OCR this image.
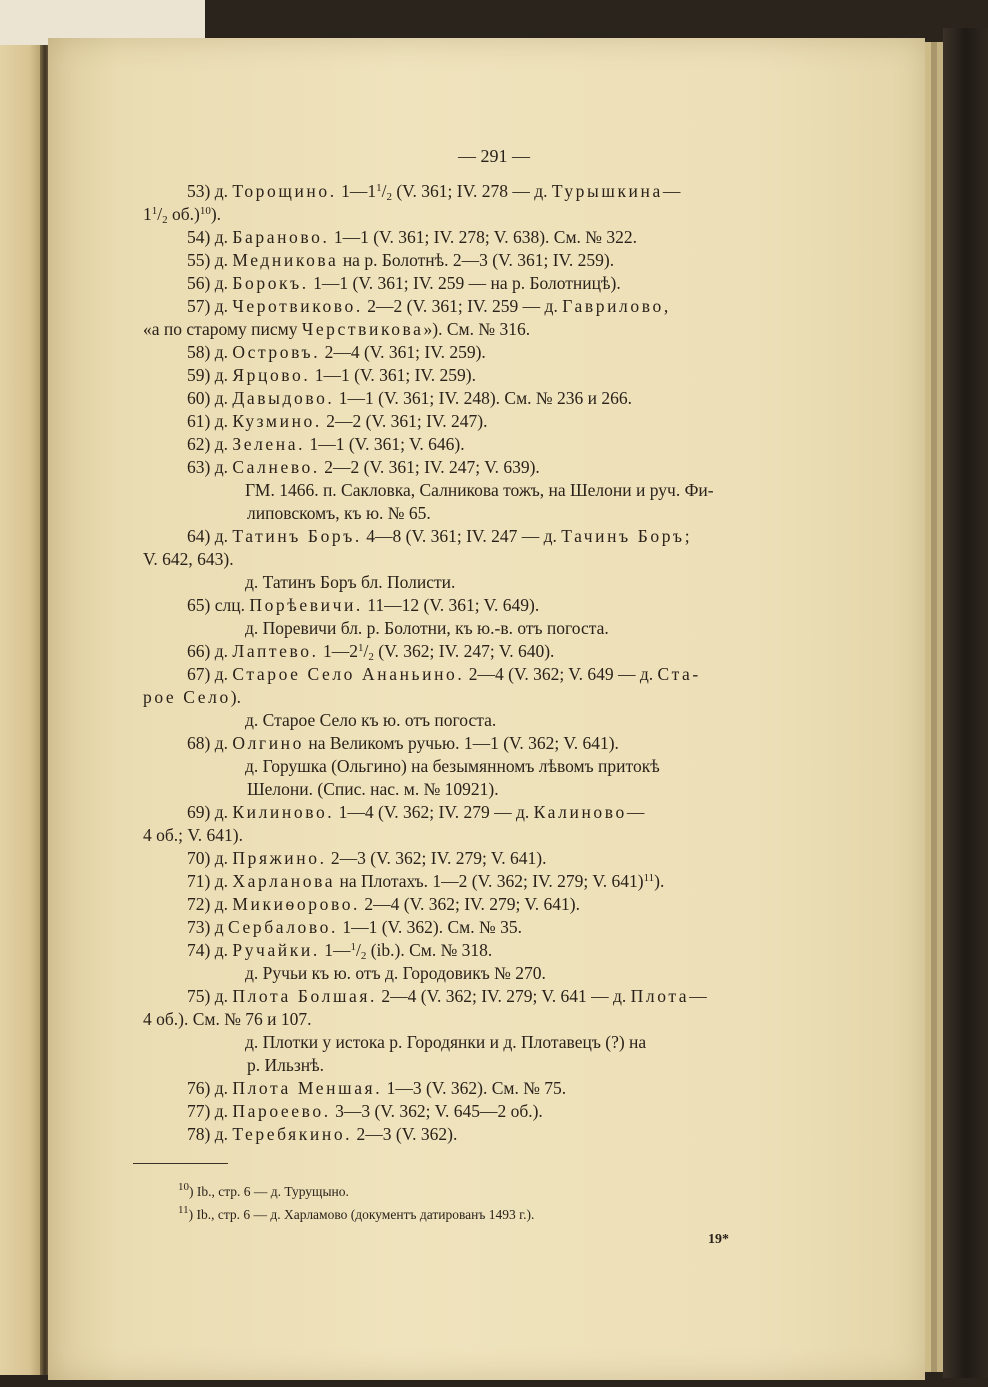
— 291 —
53) д. Торощино. $1—1^1/_2$ (V. 361; IV. 278 — д. Турышкина—
$1^1/_2$ об.)$^{10}$).
54) д. Бараново. 1—1 (V. 361; IV. 278; V. 638). См. № 322.
55) д. Медникова на р. Болотнѣ. 2—3 (V. 361; IV. 259).
56) д. Борокъ. 1—1 (V. 361; IV. 259 — на р. Болотницѣ).
57) д. Черотвиково. 2—2 (V. 361; IV. 259 — д. Гаврилово,
«а по старому писму Черствикова»). См. № 316.
58) д. Островъ. 2—4 (V. 361; IV. 259).
59) д. Ярцово. 1—1 (V. 361; IV. 259).
60) д. Давыдово. 1—1 (V. 361; IV. 248). См. № 236 и 266.
61) д. Кузмино. 2—2 (V. 361; IV. 247).
62) д. Зелена. 1—1 (V. 361; V. 646).
63) д. Салнево. 2—2 (V. 361; IV. 247; V. 639).
ГМ. 1466. п. Сакловка, Салникова тожъ, на Шелони и руч. Фи-
липовскомъ, къ ю. № 65.
64) д. Татинъ Боръ. 4—8 (V. 361; IV. 247 — д. Тачинъ Боръ;
V. 642, 643).
д. Татинъ Боръ бл. Полисти.
65) слц. Порѣевичи. 11—12 (V. 361; V. 649).
д. Поревичи бл. р. Болотни, къ ю.-в. отъ погоста.
66) д. Лаптево. $1—2^1/_2$ (V. 362; IV. 247; V. 640).
67) д. Старое Село Ананьино. 2—4 (V. 362; V. 649 — д. Ста-
рое Село).
д. Старое Село къ ю. отъ погоста.
68) д. Олгино на Великомъ ручью. 1—1 (V. 362; V. 641).
д. Горушка (Ольгино) на безымянномъ лѣвомъ притокѣ
Шелони. (Спис. нас. м. № 10921).
69) д. Килиново. 1—4 (V. 362; IV. 279 — д. Калиново—
4 об.; V. 641).
70) д. Пряжино. 2—3 (V. 362; IV. 279; V. 641).
71) д. Харланова на Плотахъ. 1—2 (V. 362; IV. 279; V. 641)$^{11}$).
72) д. Микиѳорово. 2—4 (V. 362; IV. 279; V. 641).
73) д Сербалово. 1—1 (V. 362). См. № 35.
74) д. Ручайки. $1—^1/_2$ (ib.). См. № 318.
д. Ручьи къ ю. отъ д. Городовикъ № 270.
75) д. Плота Болшая. 2—4 (V. 362; IV. 279; V. 641 — д. Плота—
4 об.). См. № 76 и 107.
д. Плотки у истока р. Городянки и д. Плотавецъ (?) на
р. Ильзнѣ.
76) д. Плота Меншая. 1—3 (V. 362). См. № 75.
77) д. Пароеево. 3—3 (V. 362; V. 645—2 об.).
78) д. Теребякино. 2—3 (V. 362).
$^{10}$) Ib., стр. 6 — д. Турущыно.
$^{11}$) Ib., стр. 6 — д. Харламово (документъ датированъ 1493 г.).
19*
